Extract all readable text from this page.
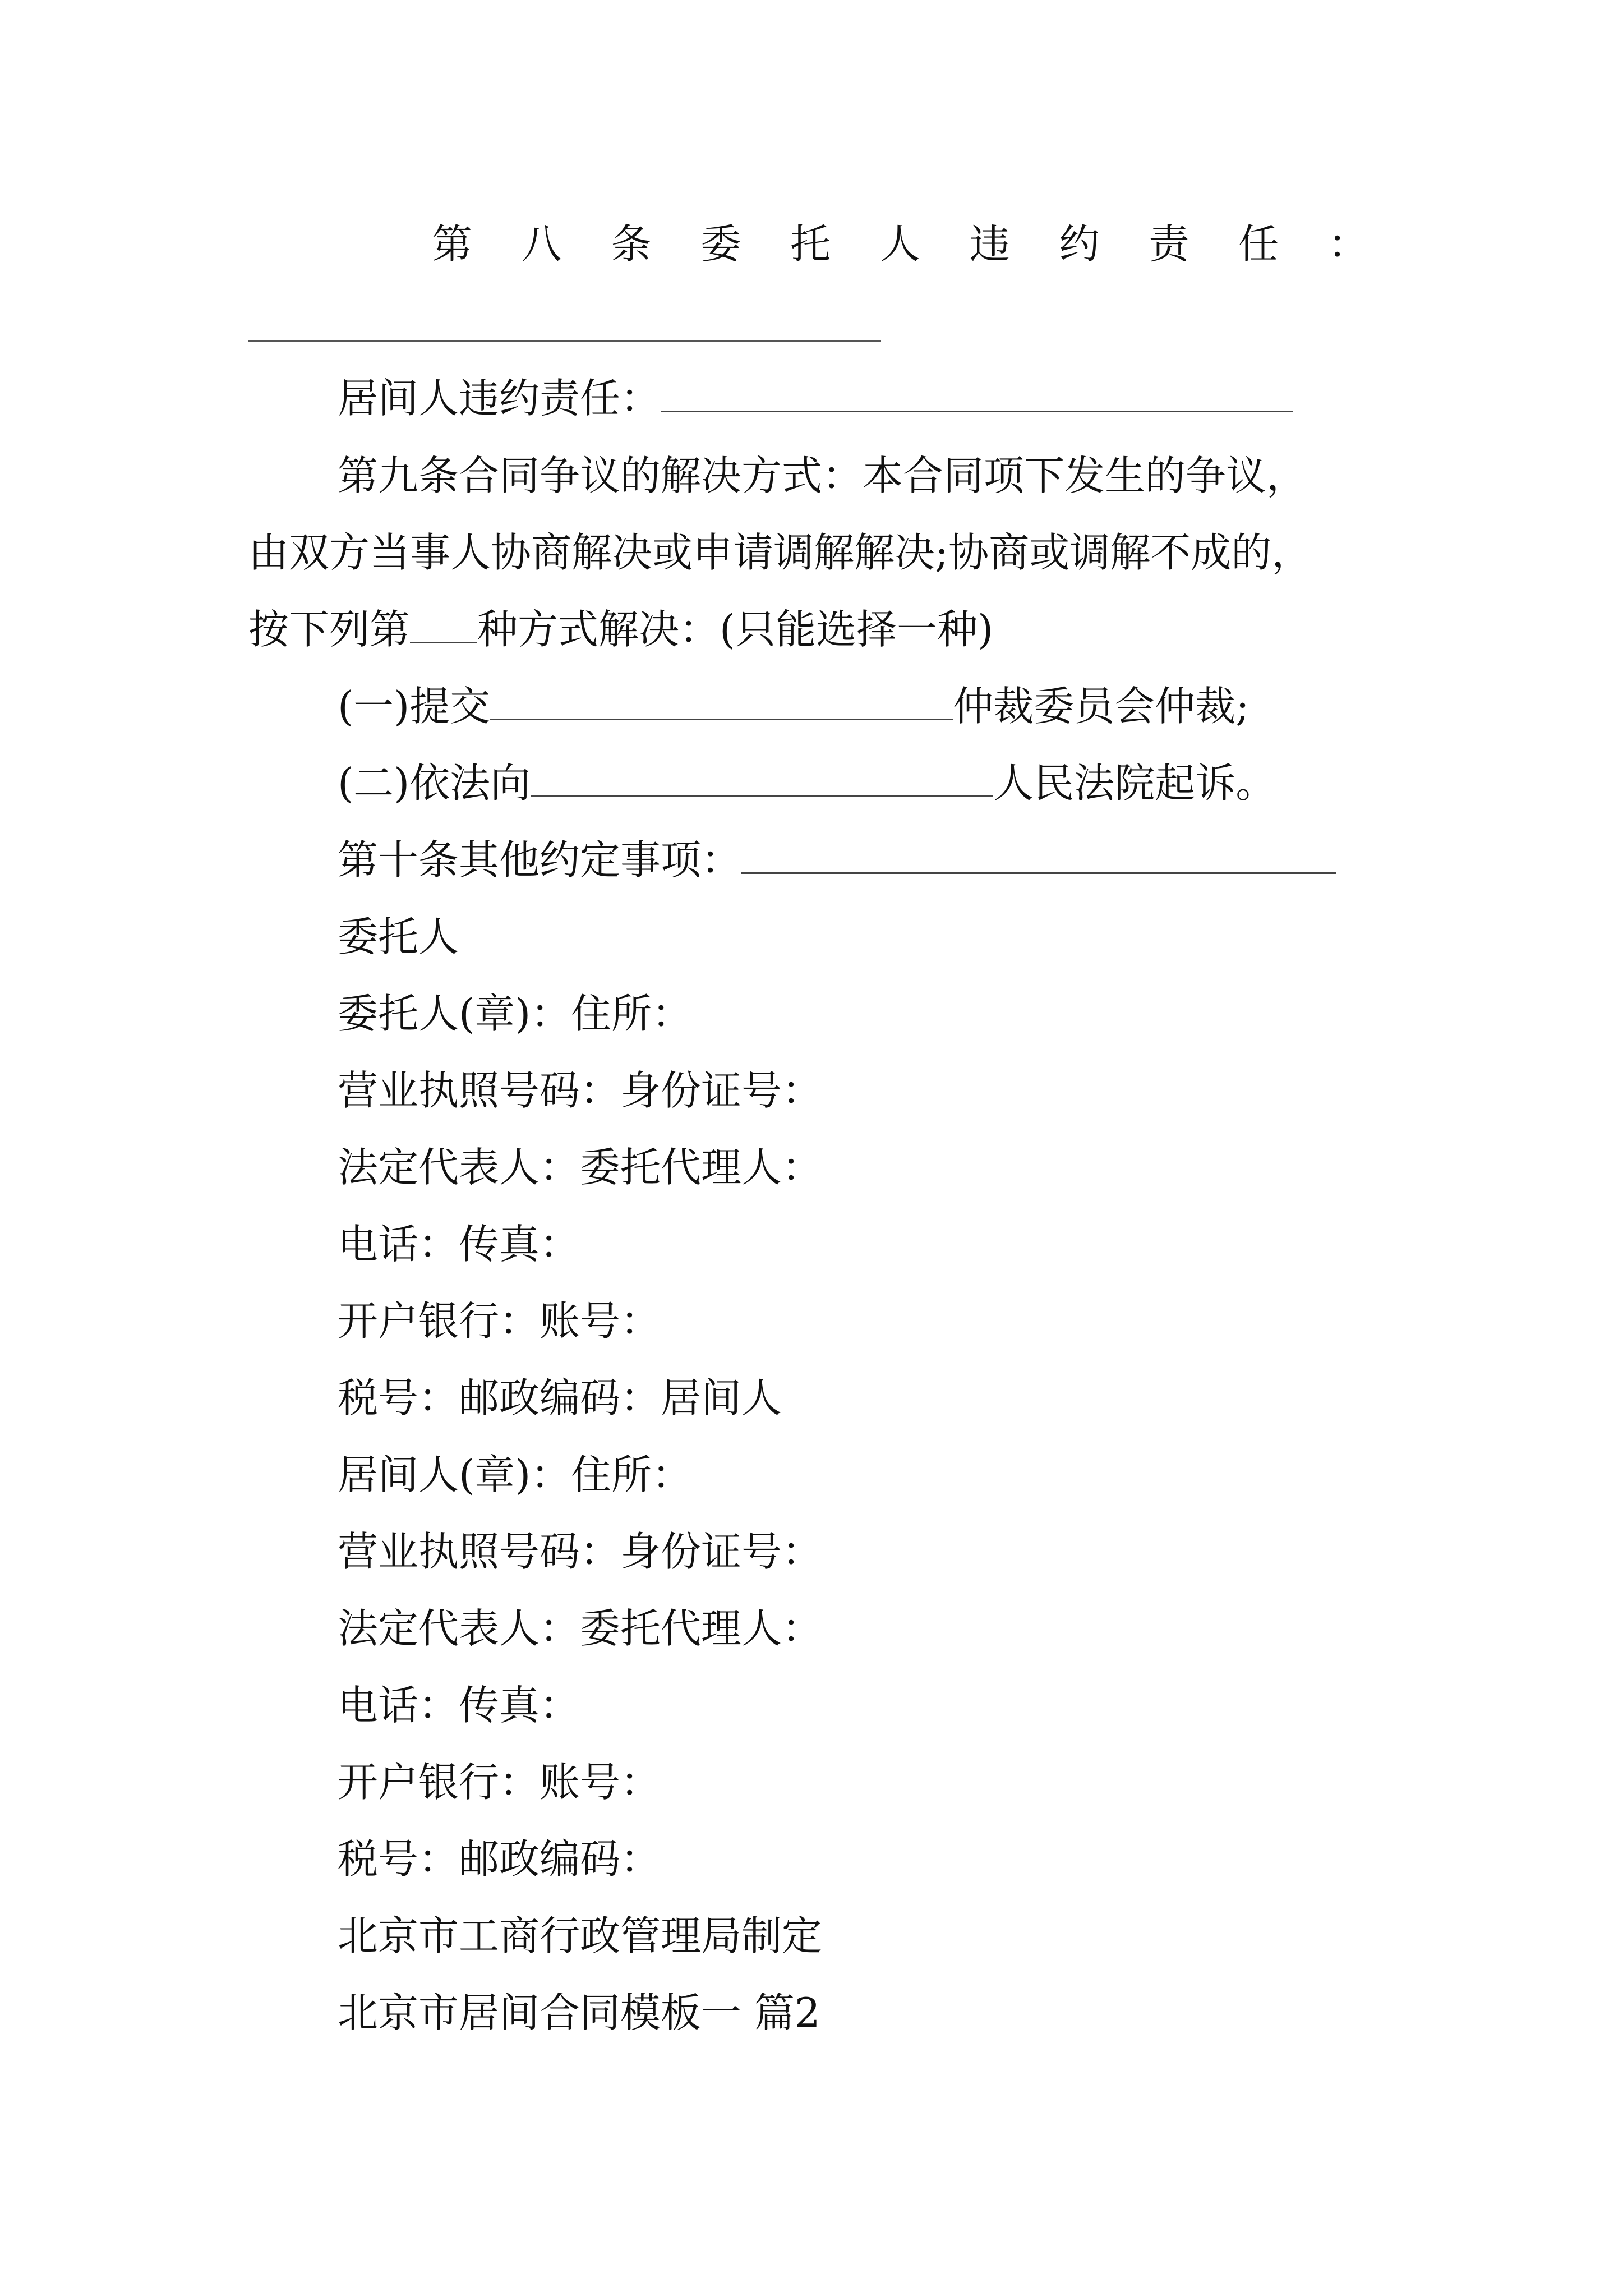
第 八 条 委 托 人 违 约 责 任 ：
居间人违约责任：
第九条合同争议的解决方式：本合同项下发生的争议，
由双方当事人协商解决或申请调解解决;协商或调解不成的，
按下列第 种方式解决：(只能选择一种)
(一)提交	仲裁委员会仲裁;
(二)依法向	人民法院起诉。
第十条其他约定事项：
委托人
委托人(章)：住所：
营业执照号码：身份证号：
法定代表人：委托代理人：
电话：传真：
开户银行：账号：
税号：邮政编码：居间人
居间人(章)：住所：
营业执照号码：身份证号：
法定代表人：委托代理人：
电话：传真：
开户银行：账号：
税号：邮政编码：
北京市工商行政管理局制定
北京市居间合同模板一 篇2
